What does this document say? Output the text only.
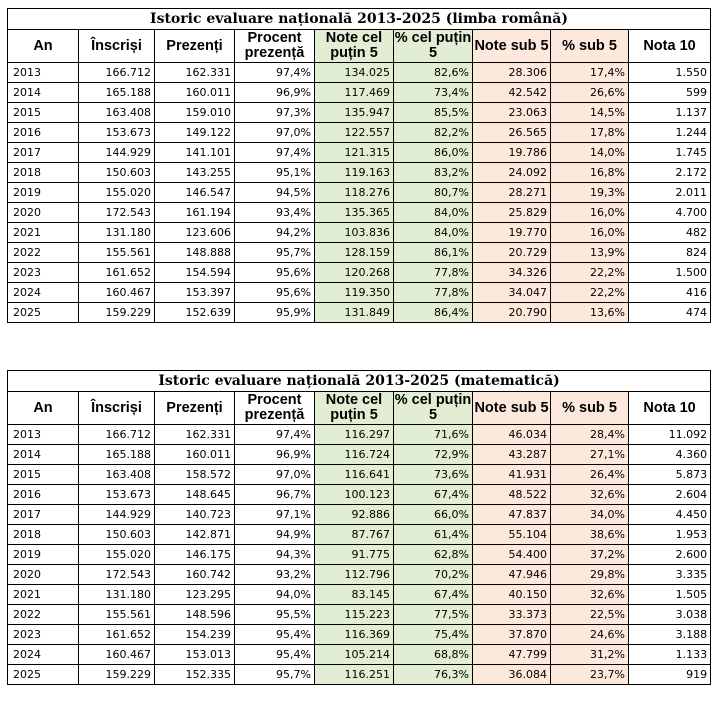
Istoric evaluare națională 2013-2025 (limba română)								
An	Înscriși	Prezenți	Procent prezență	Note cel puțin 5	% cel puțin 5	Note sub 5	% sub 5	Nota 10
2013	166.712	162.331	97,4%	134.025	82,6%	28.306	17,4%	1.550
2014	165.188	160.011	96,9%	117.469	73,4%	42.542	26,6%	599
2015	163.408	159.010	97,3%	135.947	85,5%	23.063	14,5%	1.137
2016	153.673	149.122	97,0%	122.557	82,2%	26.565	17,8%	1.244
2017	144.929	141.101	97,4%	121.315	86,0%	19.786	14,0%	1.745
2018	150.603	143.255	95,1%	119.163	83,2%	24.092	16,8%	2.172
2019	155.020	146.547	94,5%	118.276	80,7%	28.271	19,3%	2.011
2020	172.543	161.194	93,4%	135.365	84,0%	25.829	16,0%	4.700
2021	131.180	123.606	94,2%	103.836	84,0%	19.770	16,0%	482
2022	155.561	148.888	95,7%	128.159	86,1%	20.729	13,9%	824
2023	161.652	154.594	95,6%	120.268	77,8%	34.326	22,2%	1.500
2024	160.467	153.397	95,6%	119.350	77,8%	34.047	22,2%	416
2025	159.229	152.639	95,9%	131.849	86,4%	20.790	13,6%	474
Istoric evaluare națională 2013-2025 (matematică)								
An	Înscriși	Prezenți	Procent prezență	Note cel puțin 5	% cel puțin 5	Note sub 5	% sub 5	Nota 10
2013	166.712	162.331	97,4%	116.297	71,6%	46.034	28,4%	11.092
2014	165.188	160.011	96,9%	116.724	72,9%	43.287	27,1%	4.360
2015	163.408	158.572	97,0%	116.641	73,6%	41.931	26,4%	5.873
2016	153.673	148.645	96,7%	100.123	67,4%	48.522	32,6%	2.604
2017	144.929	140.723	97,1%	92.886	66,0%	47.837	34,0%	4.450
2018	150.603	142.871	94,9%	87.767	61,4%	55.104	38,6%	1.953
2019	155.020	146.175	94,3%	91.775	62,8%	54.400	37,2%	2.600
2020	172.543	160.742	93,2%	112.796	70,2%	47.946	29,8%	3.335
2021	131.180	123.295	94,0%	83.145	67,4%	40.150	32,6%	1.505
2022	155.561	148.596	95,5%	115.223	77,5%	33.373	22,5%	3.038
2023	161.652	154.239	95,4%	116.369	75,4%	37.870	24,6%	3.188
2024	160.467	153.013	95,4%	105.214	68,8%	47.799	31,2%	1.133
2025	159.229	152.335	95,7%	116.251	76,3%	36.084	23,7%	919
